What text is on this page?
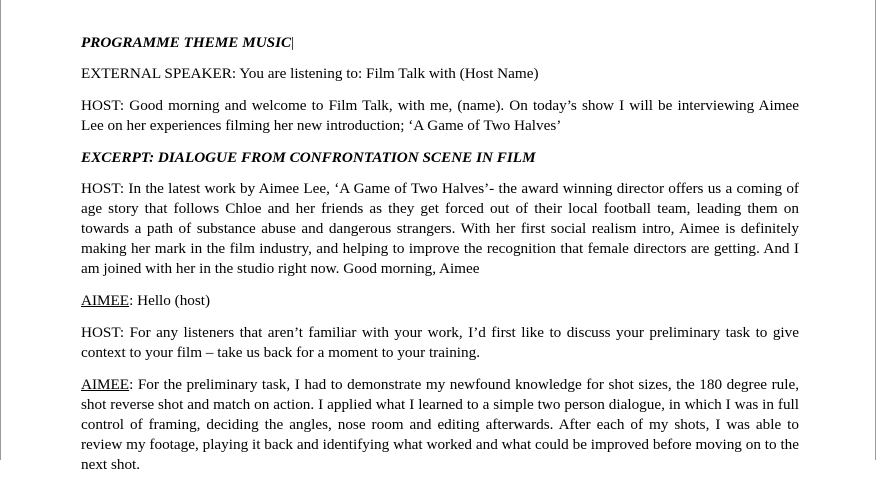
PROGRAMME THEME MUSIC|

EXTERNAL SPEAKER: You are listening to: Film Talk with (Host Name)

HOST: Good morning and welcome to Film Talk, with me, (name). On today’s show I will be interviewing Aimee Lee on her experiences filming her new introduction; ‘A Game of Two Halves’

EXCERPT: DIALOGUE FROM CONFRONTATION SCENE IN FILM

HOST: In the latest work by Aimee Lee, ‘A Game of Two Halves’- the award winning director offers us a coming of age story that follows Chloe and her friends as they get forced out of their local football team, leading them on towards a path of substance abuse and dangerous strangers. With her first social realism intro, Aimee is definitely making her mark in the film industry, and helping to improve the recognition that female directors are getting. And I am joined with her in the studio right now. Good morning, Aimee

AIMEE: Hello (host)

HOST: For any listeners that aren’t familiar with your work, I’d first like to discuss your preliminary task to give context to your film – take us back for a moment to your training.

AIMEE: For the preliminary task, I had to demonstrate my newfound knowledge for shot sizes, the 180 degree rule, shot reverse shot and match on action. I applied what I learned to a simple two person dialogue, in which I was in full control of framing, deciding the angles, nose room and editing afterwards. After each of my shots, I was able to review my footage, playing it back and identifying what worked and what could be improved before moving on to the next shot.
